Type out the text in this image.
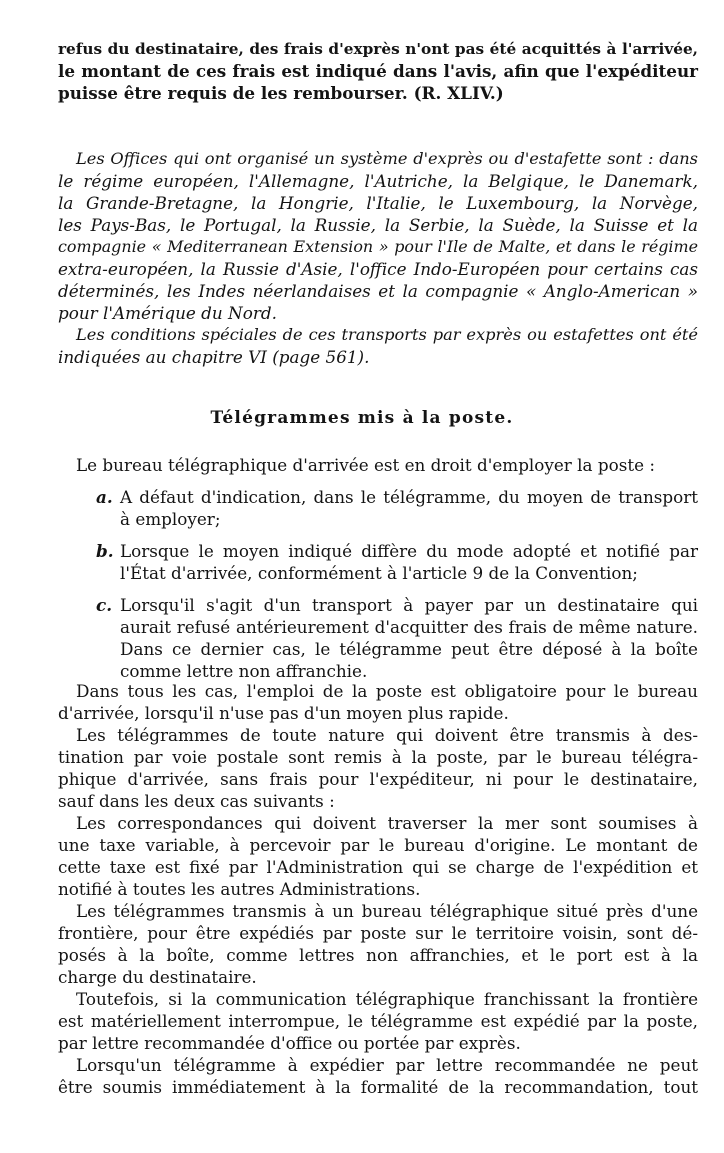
refus du destinataire, des frais d'exprès n'ont pas été acquittés à l'arrivée,
le montant de ces frais est indiqué dans l'avis, afin que l'expéditeur
puisse être requis de les rembourser. (R. XLIV.)
Les Offices qui ont organisé un système d'exprès ou d'estafette sont : dans
le régime européen, l'Allemagne, l'Autriche, la Belgique, le Danemark,
la Grande-Bretagne, la Hongrie, l'Italie, le Luxembourg, la Norvège,
les Pays-Bas, le Portugal, la Russie, la Serbie, la Suède, la Suisse et la
compagnie « Mediterranean Extension » pour l'Ile de Malte, et dans le régime
extra-européen, la Russie d'Asie, l'office Indo-Européen pour certains cas
déterminés, les Indes néerlandaises et la compagnie « Anglo-American »
pour l'Amérique du Nord.
Les conditions spéciales de ces transports par exprès ou estafettes ont été
indiquées au chapitre VI (page 561).
Télégrammes mis à la poste.
Le bureau télégraphique d'arrivée est en droit d'employer la poste :
a. A défaut d'indication, dans le télégramme, du moyen de transport
à employer;
b. Lorsque le moyen indiqué diffère du mode adopté et notifié par
l'État d'arrivée, conformément à l'article 9 de la Convention;
c. Lorsqu'il s'agit d'un transport à payer par un destinataire qui
aurait refusé antérieurement d'acquitter des frais de même nature.
Dans ce dernier cas, le télégramme peut être déposé à la boîte
comme lettre non affranchie.
Dans tous les cas, l'emploi de la poste est obligatoire pour le bureau
d'arrivée, lorsqu'il n'use pas d'un moyen plus rapide.
Les télégrammes de toute nature qui doivent être transmis à des-
tination par voie postale sont remis à la poste, par le bureau télégra-
phique d'arrivée, sans frais pour l'expéditeur, ni pour le destinataire,
sauf dans les deux cas suivants :
Les correspondances qui doivent traverser la mer sont soumises à
une taxe variable, à percevoir par le bureau d'origine. Le montant de
cette taxe est fixé par l'Administration qui se charge de l'expédition et
notifié à toutes les autres Administrations.
Les télégrammes transmis à un bureau télégraphique situé près d'une
frontière, pour être expédiés par poste sur le territoire voisin, sont dé-
posés à la boîte, comme lettres non affranchies, et le port est à la
charge du destinataire.
Toutefois, si la communication télégraphique franchissant la frontière
est matériellement interrompue, le télégramme est expédié par la poste,
par lettre recommandée d'office ou portée par exprès.
Lorsqu'un télégramme à expédier par lettre recommandée ne peut
être soumis immédiatement à la formalité de la recommandation, tout
